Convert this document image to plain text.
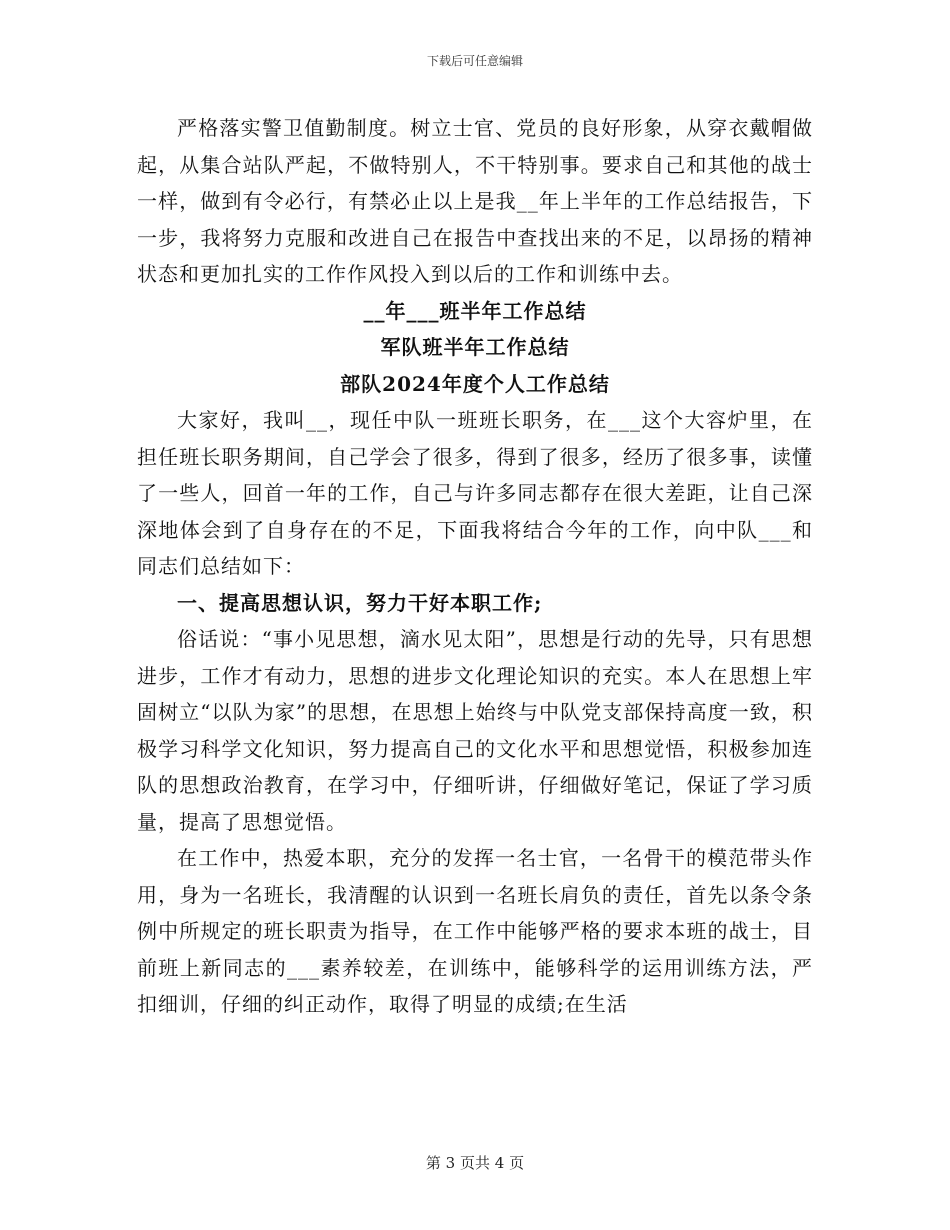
下载后可任意编辑

严格落实警卫值勤制度。树立士官、党员的良好形象，从穿衣戴帽做起，从集合站队严起，不做特别人，不干特别事。要求自己和其他的战士一样，做到有令必行，有禁必止以上是我__年上半年的工作总结报告，下一步，我将努力克服和改进自己在报告中查找出来的不足，以昂扬的精神状态和更加扎实的工作作风投入到以后的工作和训练中去。

__年___班半年工作总结

军队班半年工作总结

部队2024年度个人工作总结

大家好，我叫__，现任中队一班班长职务，在___这个大容炉里，在担任班长职务期间，自己学会了很多，得到了很多，经历了很多事，读懂了一些人，回首一年的工作，自己与许多同志都存在很大差距，让自己深深地体会到了自身存在的不足，下面我将结合今年的工作，向中队___和同志们总结如下：

一、提高思想认识，努力干好本职工作;

俗话说：“事小见思想，滴水见太阳”，思想是行动的先导，只有思想进步，工作才有动力，思想的进步文化理论知识的充实。本人在思想上牢固树立“以队为家”的思想，在思想上始终与中队党支部保持高度一致，积极学习科学文化知识，努力提高自己的文化水平和思想觉悟，积极参加连队的思想政治教育，在学习中，仔细听讲，仔细做好笔记，保证了学习质量，提高了思想觉悟。

在工作中，热爱本职，充分的发挥一名士官，一名骨干的模范带头作用，身为一名班长，我清醒的认识到一名班长肩负的责任，首先以条令条例中所规定的班长职责为指导，在工作中能够严格的要求本班的战士，目前班上新同志的___素养较差，在训练中，能够科学的运用训练方法，严扣细训，仔细的纠正动作，取得了明显的成绩;在生活

第 3 页共 4 页
